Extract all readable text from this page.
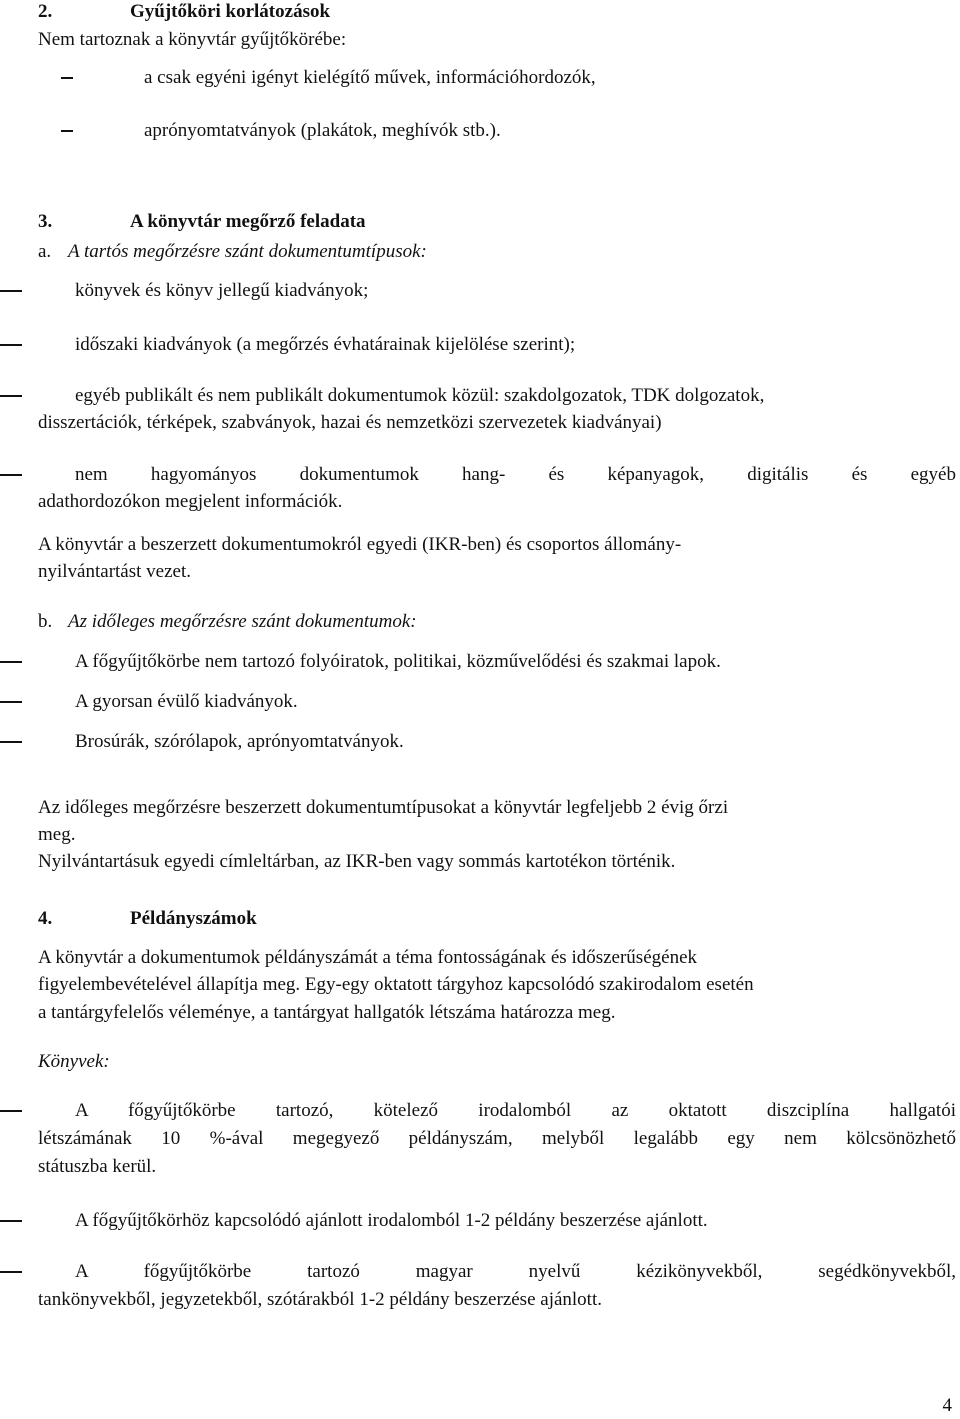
2.	Gyűjtőköri korlátozások
Nem tartoznak a könyvtár gyűjtőkörébe:
a csak egyéni igényt kielégítő művek, információhordozók,
aprónyomtatványok (plakátok, meghívók stb.).
3.	A könyvtár megőrző feladata
a. A tartós megőrzésre szánt dokumentumtípusok:
könyvek és könyv jellegű kiadványok;
időszaki kiadványok (a megőrzés évhatárainak kijelölése szerint);
egyéb publikált és nem publikált dokumentumok közül: szakdolgozatok, TDK dolgozatok,
disszertációk, térképek, szabványok, hazai és nemzetközi szervezetek kiadványai)
nem hagyományos dokumentumok hang- és képanyagok, digitális és egyéb
adathordozókon megjelent információk.
A könyvtár a beszerzett dokumentumokról egyedi (IKR-ben) és csoportos állomány-
nyilvántartást vezet.
b. Az időleges megőrzésre szánt dokumentumok:
A főgyűjtőkörbe nem tartozó folyóiratok, politikai, közművelődési és szakmai lapok.
A gyorsan évülő kiadványok.
Brosúrák, szórólapok, aprónyomtatványok.
Az időleges megőrzésre beszerzett dokumentumtípusokat a könyvtár legfeljebb 2 évig őrzi
meg.
Nyilvántartásuk egyedi címleltárban, az IKR-ben vagy sommás kartotékon történik.
4.	Példányszámok
A könyvtár a dokumentumok példányszámát a téma fontosságának és időszerűségének
figyelembevételével állapítja meg. Egy-egy oktatott tárgyhoz kapcsolódó szakirodalom esetén
a tantárgyfelelős véleménye, a tantárgyat hallgatók létszáma határozza meg.
Könyvek:
A főgyűjtőkörbe tartozó, kötelező irodalomból az oktatott diszciplína hallgatói
létszámának 10 %-ával megegyező példányszám, melyből legalább egy nem kölcsönözhető
státuszba kerül.
A főgyűjtőkörhöz kapcsolódó ajánlott irodalomból 1-2 példány beszerzése ajánlott.
A főgyűjtőkörbe tartozó magyar nyelvű kézikönyvekből, segédkönyvekből,
tankönyvekből, jegyzetekből, szótárakból 1-2 példány beszerzése ajánlott.
4
